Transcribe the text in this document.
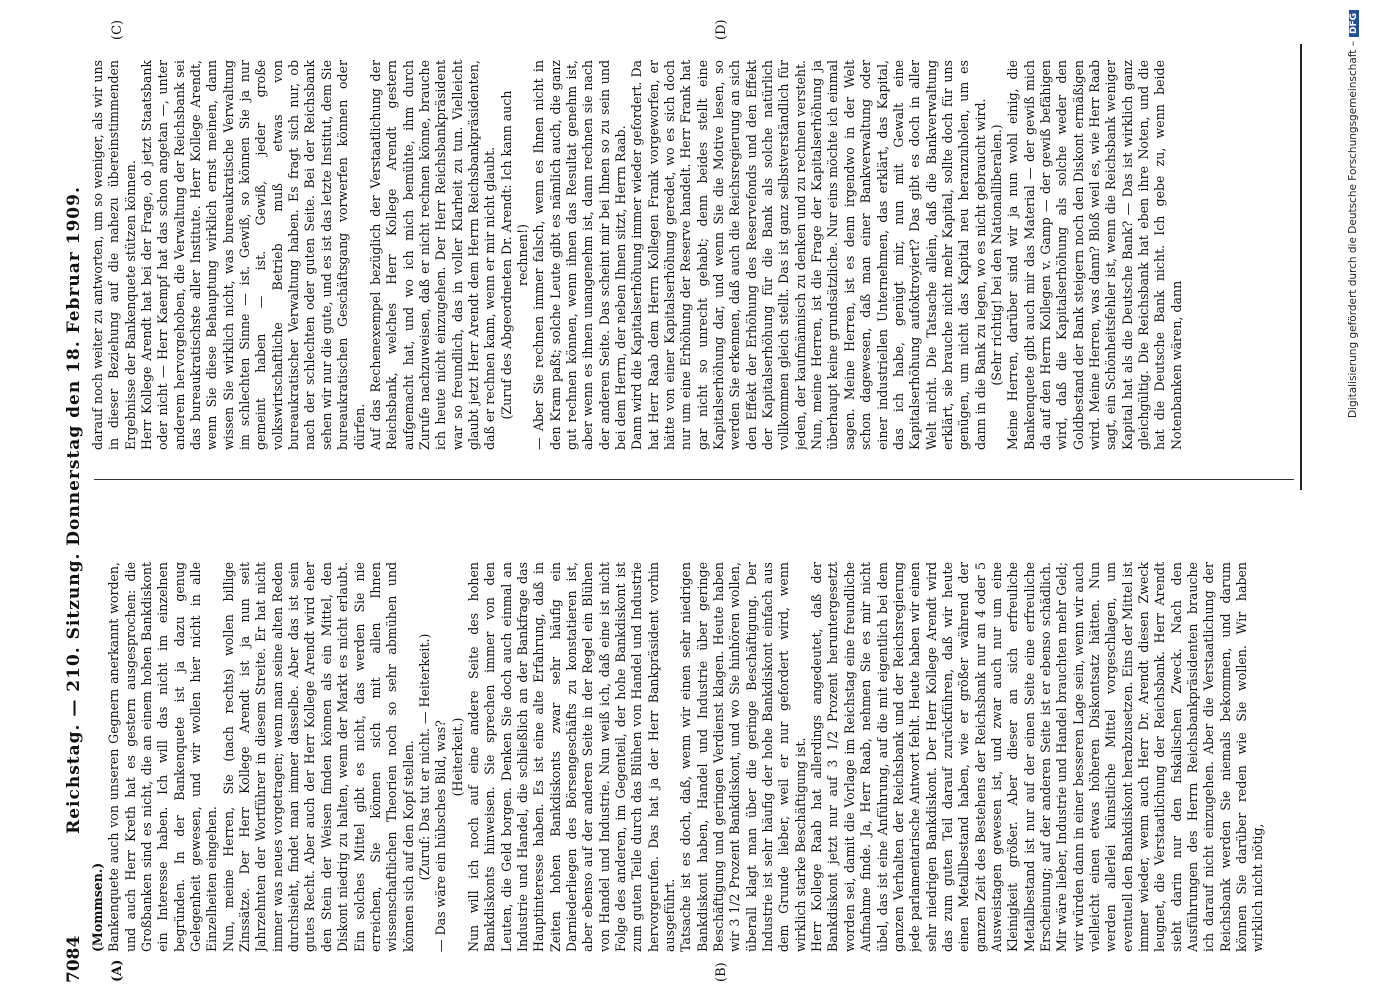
7084
Reichstag. — 210. Sitzung. Donnerstag den 18. Februar 1909.
(A)	(B)
(C)	(D)

(Mommsen.) Bankenquete auch von unseren Gegnern anerkannt worden, und auch Herr Kreth hat es gestern ausgesprochen: die Großbanken sind es nicht, die an einem hohen Bankdiskont ein Interesse haben. Ich will das nicht im einzelnen begründen. In der Bankenquete ist ja dazu genug Gelegenheit gewesen, und wir wollen hier nicht in alle Einzelheiten eingehen. Nun, meine Herren, Sie (nach rechts) wollen billige Zinssätze. Der Herr Kollege Arendt ist ja nun seit Jahrzehnten der Wortführer in diesem Streite. Er hat nicht immer was neues vorgetragen; wenn man seine alten Reden durchsieht, findet man immer dasselbe. Aber das ist sein gutes Recht. Aber auch der Herr Kollege Arendt wird eher den Stein der Weisen finden können als ein Mittel, den Diskont niedrig zu halten, wenn der Markt es nicht erlaubt. Ein solches Mittel gibt es nicht, das werden Sie nie erreichen, Sie können sich mit allen Ihnen wissenschaftlichen Theorien noch so sehr abmühen und können sich auf den Kopf stellen. (Zuruf: Das tut er nicht. — Heiterkeit.) — Das wäre ein hübsches Bild, was? (Heiterkeit.) Nun will ich noch auf eine andere Seite des hohen Bankdiskonts hinweisen. Sie sprechen immer von den Leuten, die Geld borgen. Denken Sie doch auch einmal an Industrie und Handel, die schließlich an der Bankfrage das Hauptinteresse haben. Es ist eine alte Erfahrung, daß in Zeiten hohen Bankdiskonts zwar sehr häufig ein Darniederliegen des Börsengeschäfts zu konstatieren ist, aber ebenso auf der anderen Seite in der Regel ein Blühen von Handel und Industrie. Nun weiß ich, daß eine ist nicht Folge des anderen, im Gegenteil, der hohe Bankdiskont ist zum guten Teile durch das Blühen von Handel und Industrie hervorgerufen. Das hat ja der Herr Bankpräsident vorhin ausgeführt. Tatsache ist es doch, daß, wenn wir einen sehr niedrigen Bankdiskont haben, Handel und Industrie über geringe Beschäftigung und geringen Verdienst klagen. Heute haben wir 3 1/2 Prozent Bankdiskont, und wo Sie hinhören wollen, überall klagt man über die geringe Beschäftigung. Der Industrie ist sehr häufig der hohe Bankdiskont einfach aus dem Grunde lieber, weil er nur gefordert wird, wenn wirklich starke Beschäftigung ist. Herr Kollege Raab hat allerdings angedeutet, daß der Bankdiskont jetzt nur auf 3 1/2 Prozent heruntergesetzt worden sei, damit die Vorlage im Reichstag eine freundliche Aufnahme finde. Ja, Herr Raab, nehmen Sie es mir nicht übel, das ist eine Anführung, auf die mit eigentlich bei dem ganzen Verhalten der Reichsbank und der Reichsregierung jede parlamentarische Antwort fehlt. Heute haben wir einen sehr niedrigen Bankdiskont. Der Herr Kollege Arendt wird das zum guten Teil darauf zurückführen, daß wir heute einen Metallbestand haben, wie er größer während der ganzen Zeit des Bestehens der Reichsbank nur an 4 oder 5 Ausweistagen gewesen ist, und zwar auch nur um eine Kleinigkeit größer. Aber dieser an sich erfreuliche Metallbestand ist nur auf der einen Seite eine erfreuliche Erscheinung; auf der anderen Seite ist er ebenso schädlich. Mir wäre lieber, Industrie und Handel brauchten mehr Geld; wir würden dann in einer besseren Lage sein, wenn wir auch vielleicht einen etwas höheren Diskontsatz hätten. Nun werden allerlei künstliche Mittel vorgeschlagen, um eventuell den Bankdiskont herabzusetzen. Eins der Mittel ist immer wieder, wenn auch Herr Dr. Arendt diesen Zweck leugnet, die Verstaatlichung der Reichsbank. Herr Arendt sieht darin nur den fiskalischen Zweck. Nach den Ausführungen des Herrn Reichsbankpräsidenten brauche ich darauf nicht einzugehen. Aber die Verstaatlichung der Reichsbank werden Sie niemals bekommen, und darum können Sie darüber reden wie Sie wollen. Wir haben wirklich nicht nötig,

darauf noch weiter zu antworten, um so weniger, als wir uns in dieser Beziehung auf die nahezu übereinstimmenden Ergebnisse der Bankenquete stützen können. Herr Kollege Arendt hat bei der Frage, ob jetzt Staatsbank oder nicht — Herr Kaempf hat das schon angetan —, unter anderem hervorgehoben, die Verwaltung der Reichsbank sei das bureaukratischste aller Institute. Herr Kollege Arendt, wenn Sie diese Behauptung wirklich ernst meinen, dann wissen Sie wirklich nicht, was bureaukratische Verwaltung im schlechten Sinne — ist. Gewiß, so können Sie ja nur gemeint haben — ist. Gewiß, jeder große volkswirtschaftliche Betrieb muß etwas von bureaukratischer Verwaltung haben. Es fragt sich nur, ob nach der schlechten oder guten Seite. Bei der Reichsbank sehen wir nur die gute, und es ist das letzte Institut, dem Sie bureaukratischen Geschäftsgang vorwerfen können oder dürfen. Auf das Rechenexempel bezüglich der Verstaatlichung der Reichsbank, welches Herr Kollege Arendt gestern aufgemacht hat, und wo ich mich bemühte, ihm durch Zurufe nachzuweisen, daß er nicht rechnen könne, brauche ich heute nicht einzugehen. Der Herr Reichsbankpräsident war so freundlich, das in voller Klarheit zu tun. Vielleicht glaubt jetzt Herr Arendt dem Herrn Reichsbankpräsidenten, daß er rechnen kann, wenn er mir nicht glaubt. (Zuruf des Abgeordneten Dr. Arendt: Ich kann auch rechnen!) — Aber Sie rechnen immer falsch, wenn es Ihnen nicht in den Kram paßt; solche Leute gibt es nämlich auch, die ganz gut rechnen können, wenn ihnen das Resultat genehm ist, aber wenn es ihnen unangenehm ist, dann rechnen sie nach der anderen Seite. Das scheint mir bei Ihnen so zu sein und bei dem Herrn, der neben Ihnen sitzt, Herrn Raab. Dann wird die Kapitalserhöhung immer wieder gefordert. Da hat Herr Raab dem Herrn Kollegen Frank vorgeworfen, er hätte von einer Kapitalserhöhung geredet, wo es sich doch nur um eine Erhöhung der Reserve handelt. Herr Frank hat gar nicht so unrecht gehabt; denn beides stellt eine Kapitalserhöhung dar, und wenn Sie die Motive lesen, so werden Sie erkennen, daß auch die Reichsregierung an sich den Effekt der Erhöhung des Reservefonds und den Effekt der Kapitalserhöhung für die Bank als solche natürlich vollkommen gleich stellt. Das ist ganz selbstverständlich für jeden, der kaufmännisch zu denken und zu rechnen versteht. Nun, meine Herren, ist die Frage der Kapitalserhöhung ja überhaupt keine grundsätzliche. Nur eins möchte ich einmal sagen. Meine Herren, ist es denn irgendwo in der Welt schon dagewesen, daß man einer Bankverwaltung oder einer industriellen Unternehmen, das erklärt, das Kapital, das ich habe, genügt mir, nun mit Gewalt eine Kapitalserhöhung aufoktroyiert? Das gibt es doch in aller Welt nicht. Die Tatsache allein, daß die Bankverwaltung erklärt, sie brauche nicht mehr Kapital, sollte doch für uns genügen, um nicht das Kapital neu heranzuholen, um es dann in die Bank zu legen, wo es nicht gebraucht wird. (Sehr richtig! bei den Nationalliberalen.) Meine Herren, darüber sind wir ja nun wohl einig, die Bankenquete gibt auch mir das Material — der gewiß mich da auf den Herrn Kollegen v. Gamp — der gewiß befähigen wird, daß die Kapitalserhöhung als solche weder den Goldbestand der Bank steigern noch den Diskont ermäßigen wird. Meine Herren, was dann? Bloß weil es, wie Herr Raab sagt, ein Schönheitsfehler ist, wenn die Reichsbank weniger Kapital hat als die Deutsche Bank? — Das ist wirklich ganz gleichgültig. Die Reichsbank hat eben ihre Noten, und die hat die Deutsche Bank nicht. Ich gebe zu, wenn beide Notenbanken wären, dann	Digitalisierung gefördert durch die Deutsche Forschungsgemeinschaft –DFG
